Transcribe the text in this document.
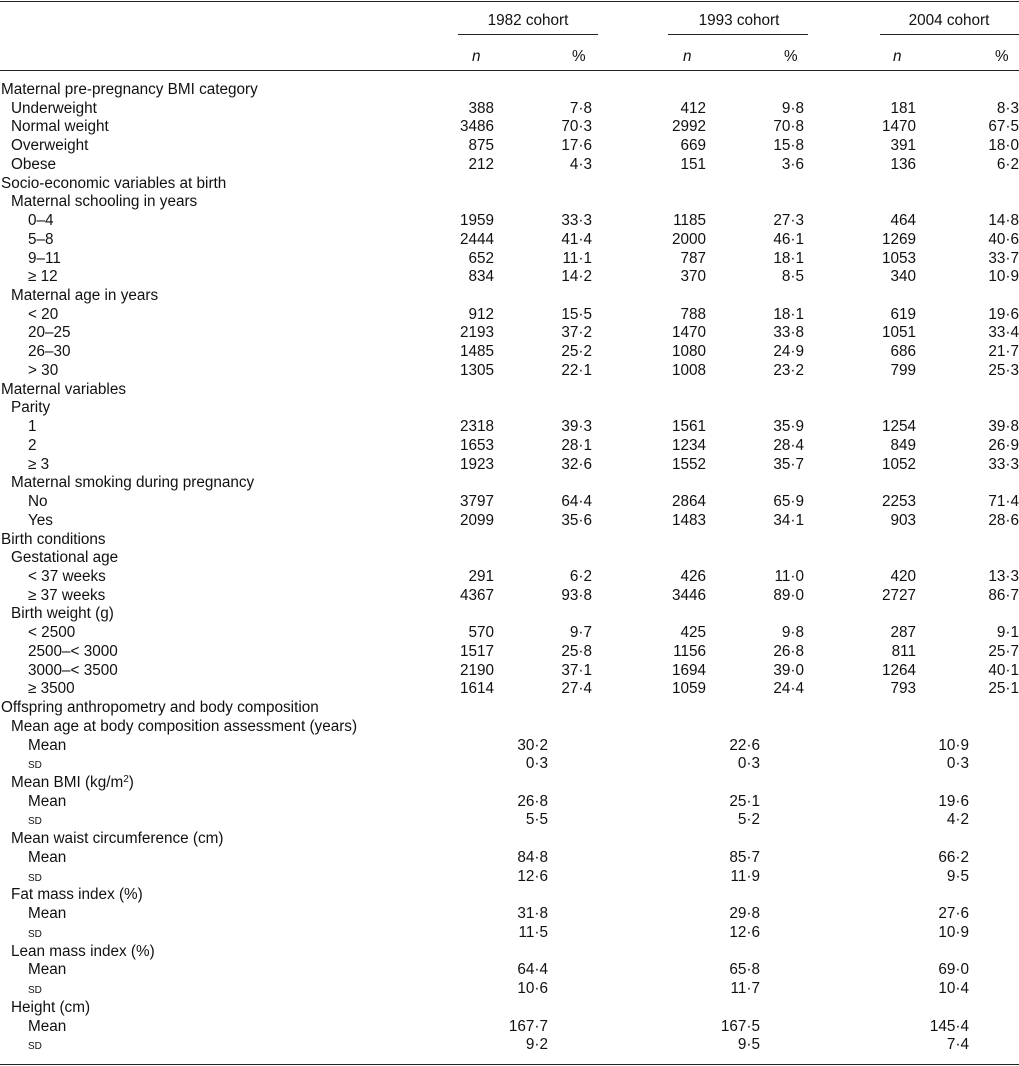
1982 cohort	1993 cohort	2004 cohort
n	%	n	%	n	%
Maternal pre-pregnancy BMI category
Underweight	388	7·8	412	9·8	181	8·3
Normal weight	3486	70·3	2992	70·8	1470	67·5
Overweight	875	17·6	669	15·8	391	18·0
Obese	212	4·3	151	3·6	136	6·2
Socio-economic variables at birth
Maternal schooling in years
0–4	1959	33·3	1185	27·3	464	14·8
5–8	2444	41·4	2000	46·1	1269	40·6
9–11	652	11·1	787	18·1	1053	33·7
≥ 12	834	14·2	370	8·5	340	10·9
Maternal age in years
< 20	912	15·5	788	18·1	619	19·6
20–25	2193	37·2	1470	33·8	1051	33·4
26–30	1485	25·2	1080	24·9	686	21·7
> 30	1305	22·1	1008	23·2	799	25·3
Maternal variables
Parity
1	2318	39·3	1561	35·9	1254	39·8
2	1653	28·1	1234	28·4	849	26·9
≥ 3	1923	32·6	1552	35·7	1052	33·3
Maternal smoking during pregnancy
No	3797	64·4	2864	65·9	2253	71·4
Yes	2099	35·6	1483	34·1	903	28·6
Birth conditions
Gestational age
< 37 weeks	291	6·2	426	11·0	420	13·3
≥ 37 weeks	4367	93·8	3446	89·0	2727	86·7
Birth weight (g)
< 2500	570	9·7	425	9·8	287	9·1
2500–< 3000	1517	25·8	1156	26·8	811	25·7
3000–< 3500	2190	37·1	1694	39·0	1264	40·1
≥ 3500	1614	27·4	1059	24·4	793	25·1
Offspring anthropometry and body composition
Mean age at body composition assessment (years)
Mean	30·2	22·6	10·9
sd	0·3	0·3	0·3
Mean BMI $(kg/m^2)$
Mean	26·8	25·1	19·6
sd	5·5	5·2	4·2
Mean waist circumference (cm)
Mean	84·8	85·7	66·2
sd	12·6	11·9	9·5
Fat mass index (%)
Mean	31·8	29·8	27·6
sd	11·5	12·6	10·9
Lean mass index (%)
Mean	64·4	65·8	69·0
sd	10·6	11·7	10·4
Height (cm)
Mean	167·7	167·5	145·4
sd	9·2	9·5	7·4
